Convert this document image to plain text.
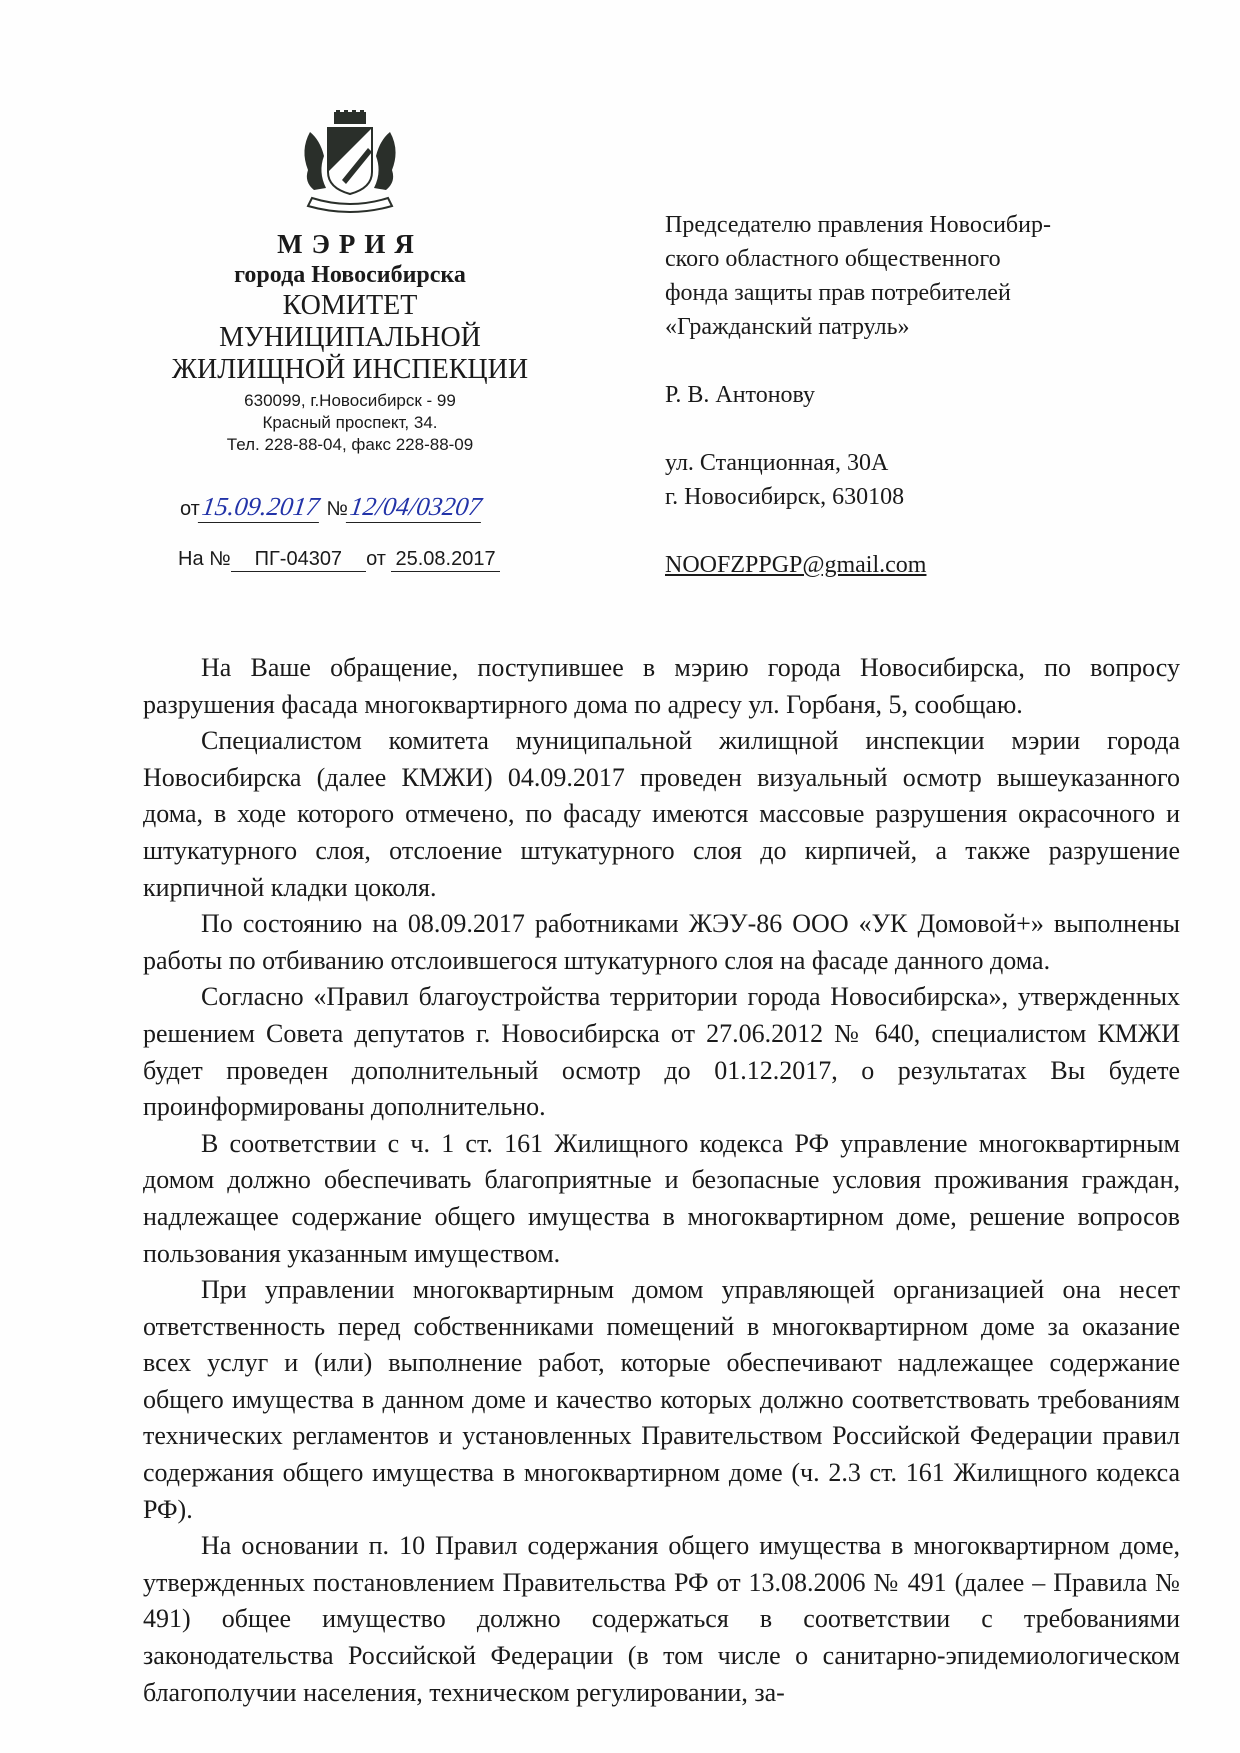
МЭРИЯ
города Новосибирска
КОМИТЕТ
МУНИЦИПАЛЬНОЙ
ЖИЛИЩНОЙ ИНСПЕКЦИИ
630099, г.Новосибирск - 99
Красный проспект, 34.
Тел. 228-88-04, факс 228-88-09
от15.09.2017 №12/04/03207
На № ПГ-04307 от 25.08.2017
Председателю правления Новосибир-
ского областного общественного
фонда защиты прав потребителей
«Гражданский патруль»
Р. В. Антонову
ул. Станционная, 30А
г. Новосибирск, 630108
NOOFZPPGP@gmail.com

На Ваше обращение, поступившее в мэрию города Новосибирска, по вопросу разрушения фасада многоквартирного дома по адресу ул. Горбаня, 5, сообщаю.

Специалистом комитета муниципальной жилищной инспекции мэрии города Новосибирска (далее КМЖИ) 04.09.2017 проведен визуальный осмотр вышеуказанного дома, в ходе которого отмечено, по фасаду имеются массовые разрушения окрасочного и штукатурного слоя, отслоение штукатурного слоя до кирпичей, а также разрушение кирпичной кладки цоколя.

По состоянию на 08.09.2017 работниками ЖЭУ-86 ООО «УК Домовой+» выполнены работы по отбиванию отслоившегося штукатурного слоя на фасаде данного дома.

Согласно «Правил благоустройства территории города Новосибирска», утвержденных решением Совета депутатов г. Новосибирска от 27.06.2012 № 640, специалистом КМЖИ будет проведен дополнительный осмотр до 01.12.2017, о результатах Вы будете проинформированы дополнительно.

В соответствии с ч. 1 ст. 161 Жилищного кодекса РФ управление многоквартирным домом должно обеспечивать благоприятные и безопасные условия проживания граждан, надлежащее содержание общего имущества в многоквартирном доме, решение вопросов пользования указанным имуществом.

При управлении многоквартирным домом управляющей организацией она несет ответственность перед собственниками помещений в многоквартирном доме за оказание всех услуг и (или) выполнение работ, которые обеспечивают надлежащее содержание общего имущества в данном доме и качество которых должно соответствовать требованиям технических регламентов и установленных Правительством Российской Федерации правил содержания общего имущества в многоквартирном доме (ч. 2.3 ст. 161 Жилищного кодекса РФ).

На основании п. 10 Правил содержания общего имущества в многоквартирном доме, утвержденных постановлением Правительства РФ от 13.08.2006 № 491 (далее – Правила № 491) общее имущество должно содержаться в соответствии с требованиями законодательства Российской Федерации (в том числе о санитарно-эпидемиологическом благополучии населения, техническом регулировании, за-
